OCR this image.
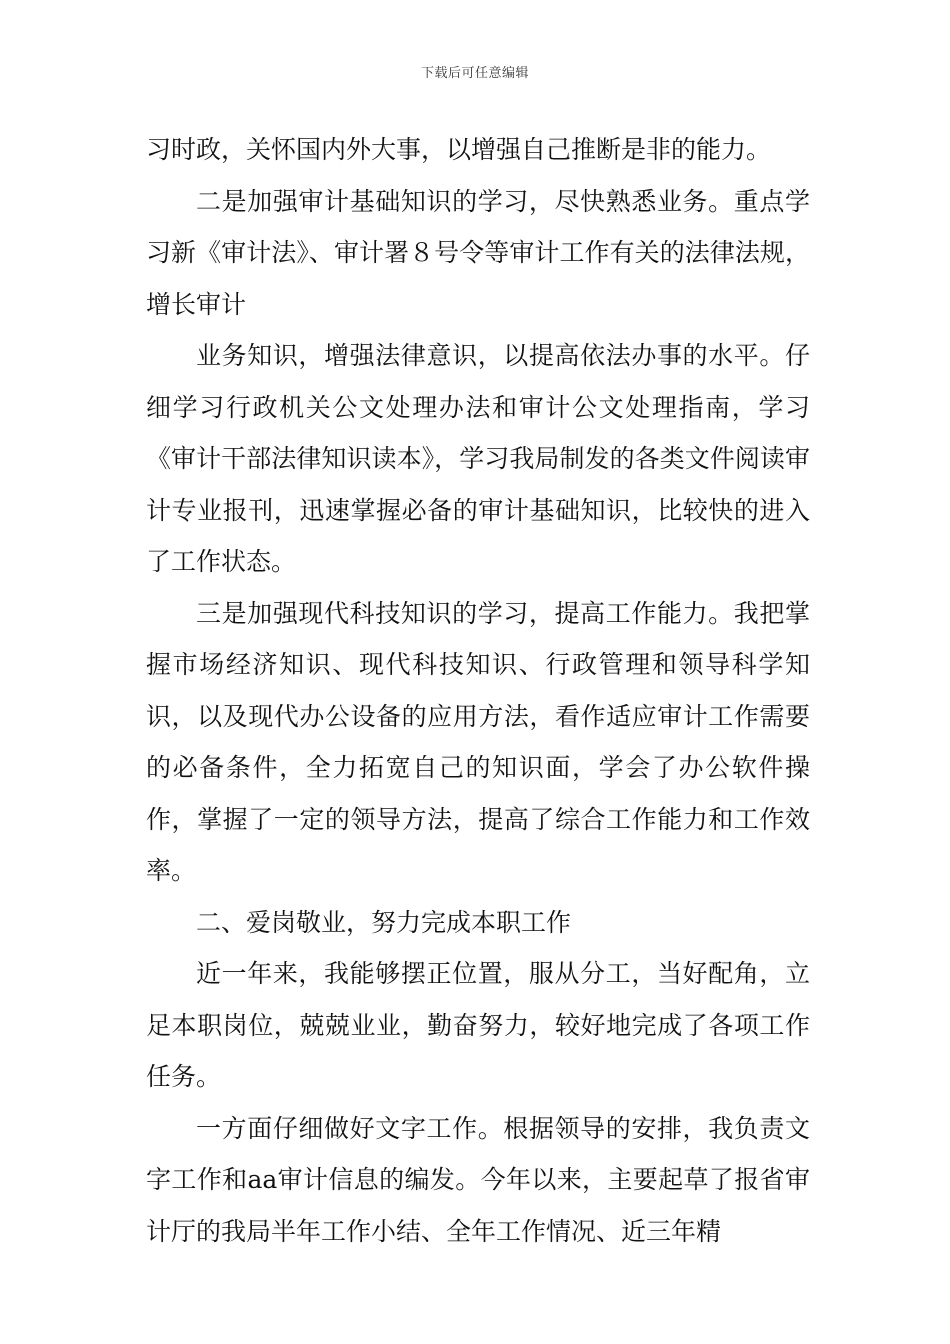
下载后可任意编辑

习时政，关怀国内外大事，以增强自己推断是非的能力。

二是加强审计基础知识的学习，尽快熟悉业务。重点学习新《审计法》、审计署８号令等审计工作有关的法律法规，增长审计

业务知识，增强法律意识，以提高依法办事的水平。仔细学习行政机关公文处理办法和审计公文处理指南，学习《审计干部法律知识读本》，学习我局制发的各类文件阅读审计专业报刊，迅速掌握必备的审计基础知识，比较快的进入了工作状态。

三是加强现代科技知识的学习，提高工作能力。我把掌握市场经济知识、现代科技知识、行政管理和领导科学知识，以及现代办公设备的应用方法，看作适应审计工作需要的必备条件，全力拓宽自己的知识面，学会了办公软件操作，掌握了一定的领导方法，提高了综合工作能力和工作效率。

二、爱岗敬业，努力完成本职工作

近一年来，我能够摆正位置，服从分工，当好配角，立足本职岗位，兢兢业业，勤奋努力，较好地完成了各项工作任务。

一方面仔细做好文字工作。根据领导的安排，我负责文字工作和aa审计信息的编发。今年以来，主要起草了报省审计厅的我局半年工作小结、全年工作情况、近三年精
